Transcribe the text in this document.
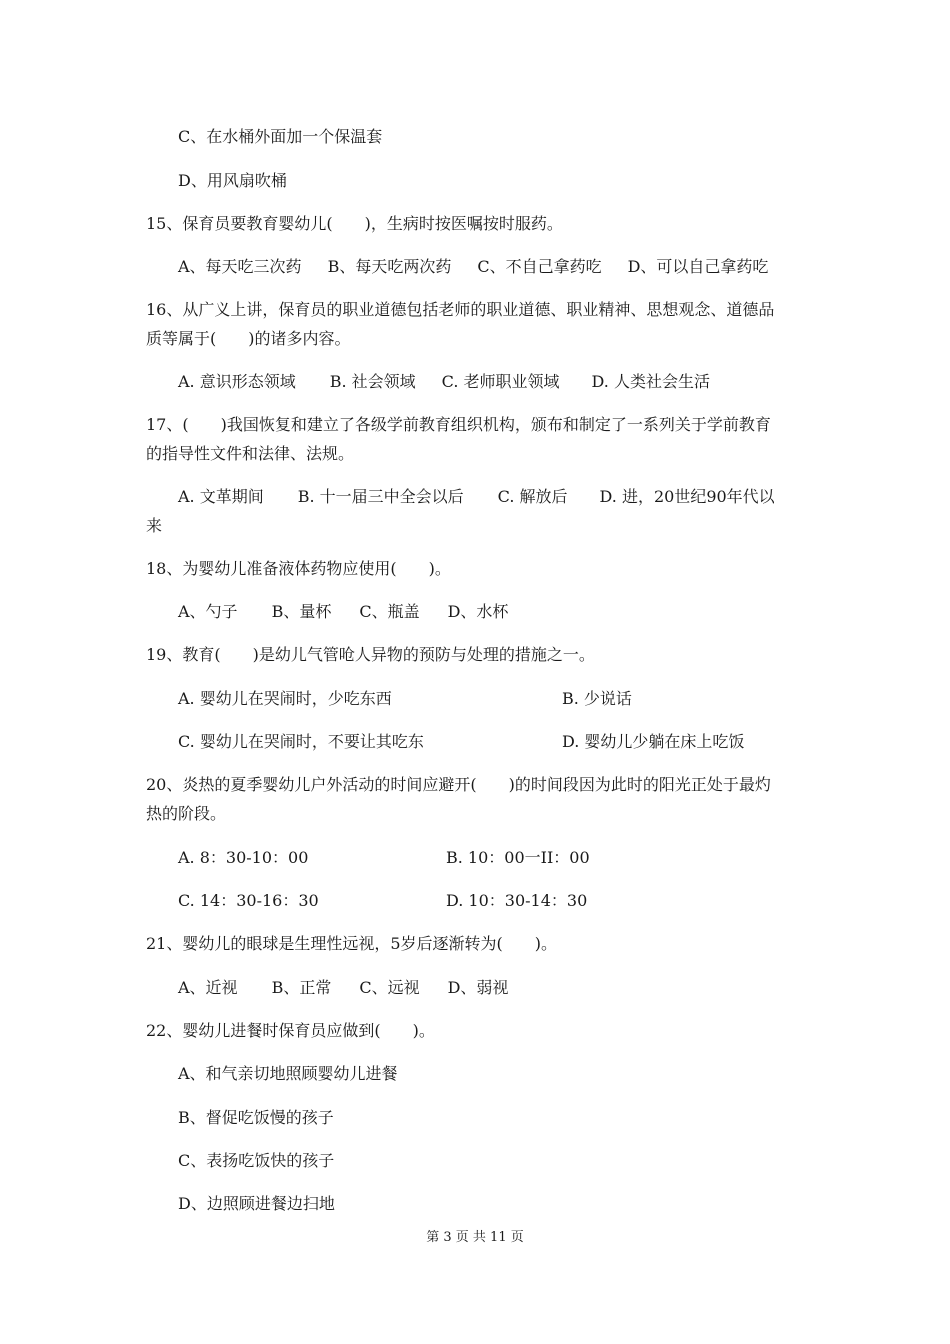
C、在水桶外面加一个保温套
D、用风扇吹桶
15、保育员要教育婴幼儿(　　)，生病时按医嘱按时服药。
A、每天吃三次药 B、每天吃两次药 C、不自己拿药吃 D、可以自己拿药吃
16、从广义上讲，保育员的职业道德包括老师的职业道德、职业精神、思想观念、道德品
质等属于(　　)的诸多内容。
A. 意识形态领域 B. 社会领域 C. 老师职业领域 D. 人类社会生活
17、(　　)我国恢复和建立了各级学前教育组织机构，颁布和制定了一系列关于学前教育
的指导性文件和法律、法规。
A. 文革期间 B. 十一届三中全会以后 C. 解放后 D. 进，20世纪90年代以
来
18、为婴幼儿准备液体药物应使用(　　)。
A、勺子 B、量杯 C、瓶盖 D、水杯
19、教育(　　)是幼儿气管呛人异物的预防与处理的措施之一。
A. 婴幼儿在哭闹时，少吃东西	B. 少说话
C. 婴幼儿在哭闹时，不要让其吃东	D. 婴幼儿少躺在床上吃饭
20、炎热的夏季婴幼儿户外活动的时间应避开(　　)的时间段因为此时的阳光正处于最灼
热的阶段。
A. 8：30-10：00	B. 10：00一II：00
C. 14：30-16：30	D. 10：30-14：30
21、婴幼儿的眼球是生理性远视，5岁后逐渐转为(　　)。
A、近视 B、正常 C、远视 D、弱视
22、婴幼儿进餐时保育员应做到(　　)。
A、和气亲切地照顾婴幼儿进餐
B、督促吃饭慢的孩子
C、表扬吃饭快的孩子
D、边照顾进餐边扫地
第 3 页 共 11 页
